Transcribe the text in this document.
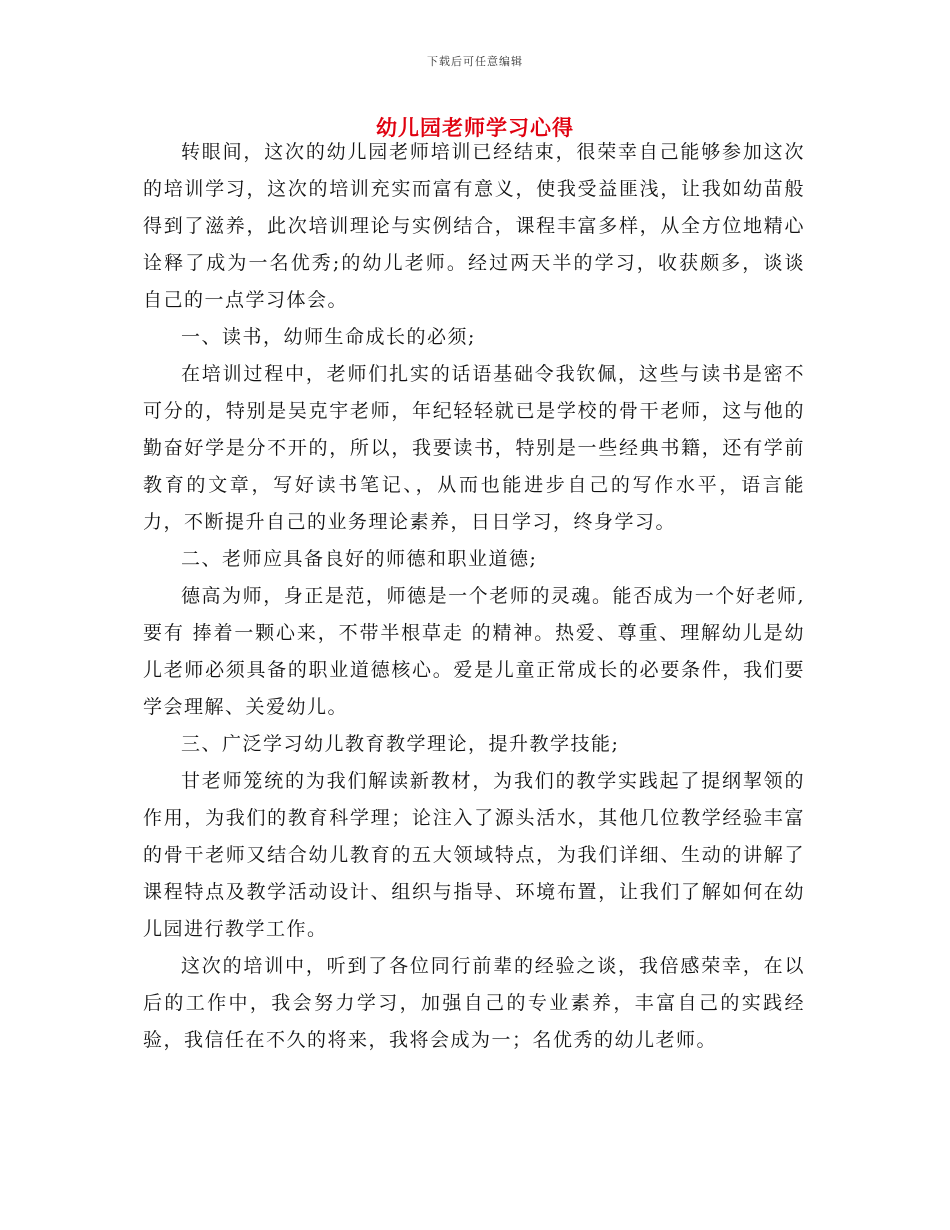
下载后可任意编辑
幼儿园老师学习心得

转眼间，这次的幼儿园老师培训已经结束，很荣幸自己能够参加这次的培训学习，这次的培训充实而富有意义，使我受益匪浅，让我如幼苗般得到了滋养，此次培训理论与实例结合，课程丰富多样，从全方位地精心诠释了成为一名优秀;的幼儿老师。经过两天半的学习，收获颇多，谈谈自己的一点学习体会。

一、读书，幼师生命成长的必须;

在培训过程中，老师们扎实的话语基础令我钦佩，这些与读书是密不可分的，特别是吴克宇老师，年纪轻轻就已是学校的骨干老师，这与他的勤奋好学是分不开的，所以，我要读书，特别是一些经典书籍，还有学前教育的文章，写好读书笔记、，从而也能进步自己的写作水平，语言能力，不断提升自己的业务理论素养，日日学习，终身学习。

二、老师应具备良好的师德和职业道德;

德高为师，身正是范，师德是一个老师的灵魂。能否成为一个好老师,要有 捧着一颗心来，不带半根草走 的精神。热爱、尊重、理解幼儿是幼儿老师必须具备的职业道德核心。爱是儿童正常成长的必要条件，我们要学会理解、关爱幼儿。

三、广泛学习幼儿教育教学理论，提升教学技能;

甘老师笼统的为我们解读新教材，为我们的教学实践起了提纲挈领的作用，为我们的教育科学理；论注入了源头活水，其他几位教学经验丰富的骨干老师又结合幼儿教育的五大领域特点，为我们详细、生动的讲解了课程特点及教学活动设计、组织与指导、环境布置，让我们了解如何在幼儿园进行教学工作。

这次的培训中，听到了各位同行前辈的经验之谈，我倍感荣幸，在以后的工作中，我会努力学习，加强自己的专业素养，丰富自己的实践经验，我信任在不久的将来，我将会成为一；名优秀的幼儿老师。
